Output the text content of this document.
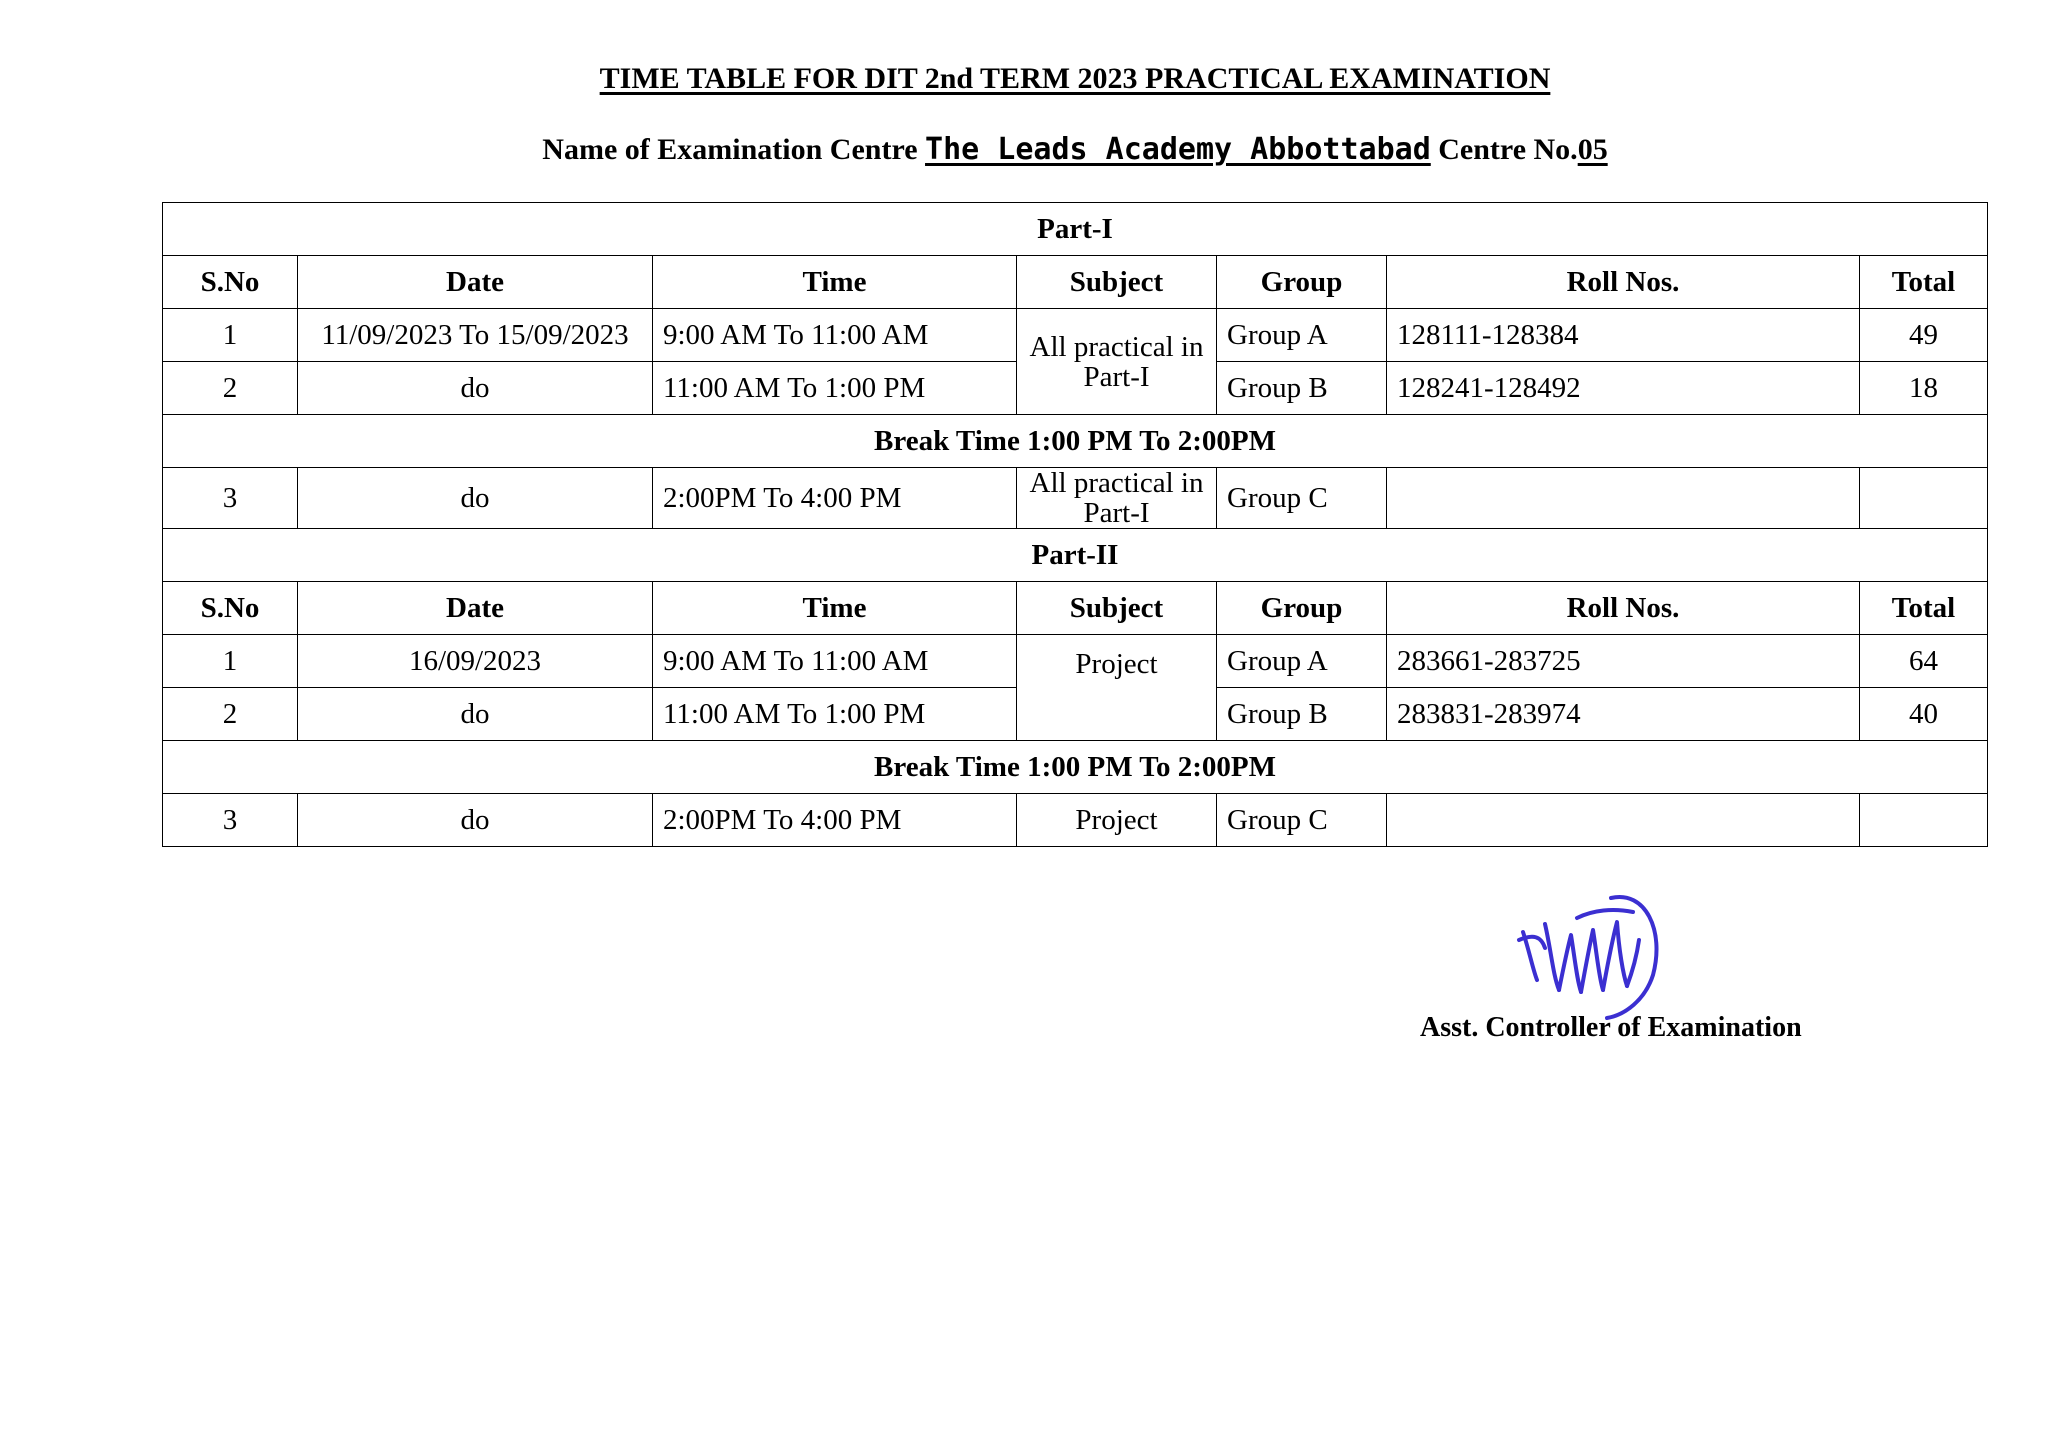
TIME TABLE FOR DIT 2nd TERM 2023 PRACTICAL EXAMINATION
Name of Examination Centre The Leads Academy Abbottabad Centre No.05
Part-I						
S.No	Date	Time	Subject	Group	Roll Nos.	Total
1	11/09/2023 To 15/09/2023	9:00 AM To 11:00 AM	All practical in Part-I	Group A	128111-128384	49
2	do	11:00 AM To 1:00 PM		Group B	128241-128492	18
Break Time 1:00 PM To 2:00PM						
3	do	2:00PM To 4:00 PM	All practical in Part-I	Group C		
Part-II						
S.No	Date	Time	Subject	Group	Roll Nos.	Total
1	16/09/2023	9:00 AM To 11:00 AM	Project	Group A	283661-283725	64
2	do	11:00 AM To 1:00 PM		Group B	283831-283974	40
Break Time 1:00 PM To 2:00PM						
3	do	2:00PM To 4:00 PM	Project	Group C		
Asst. Controller of Examination
